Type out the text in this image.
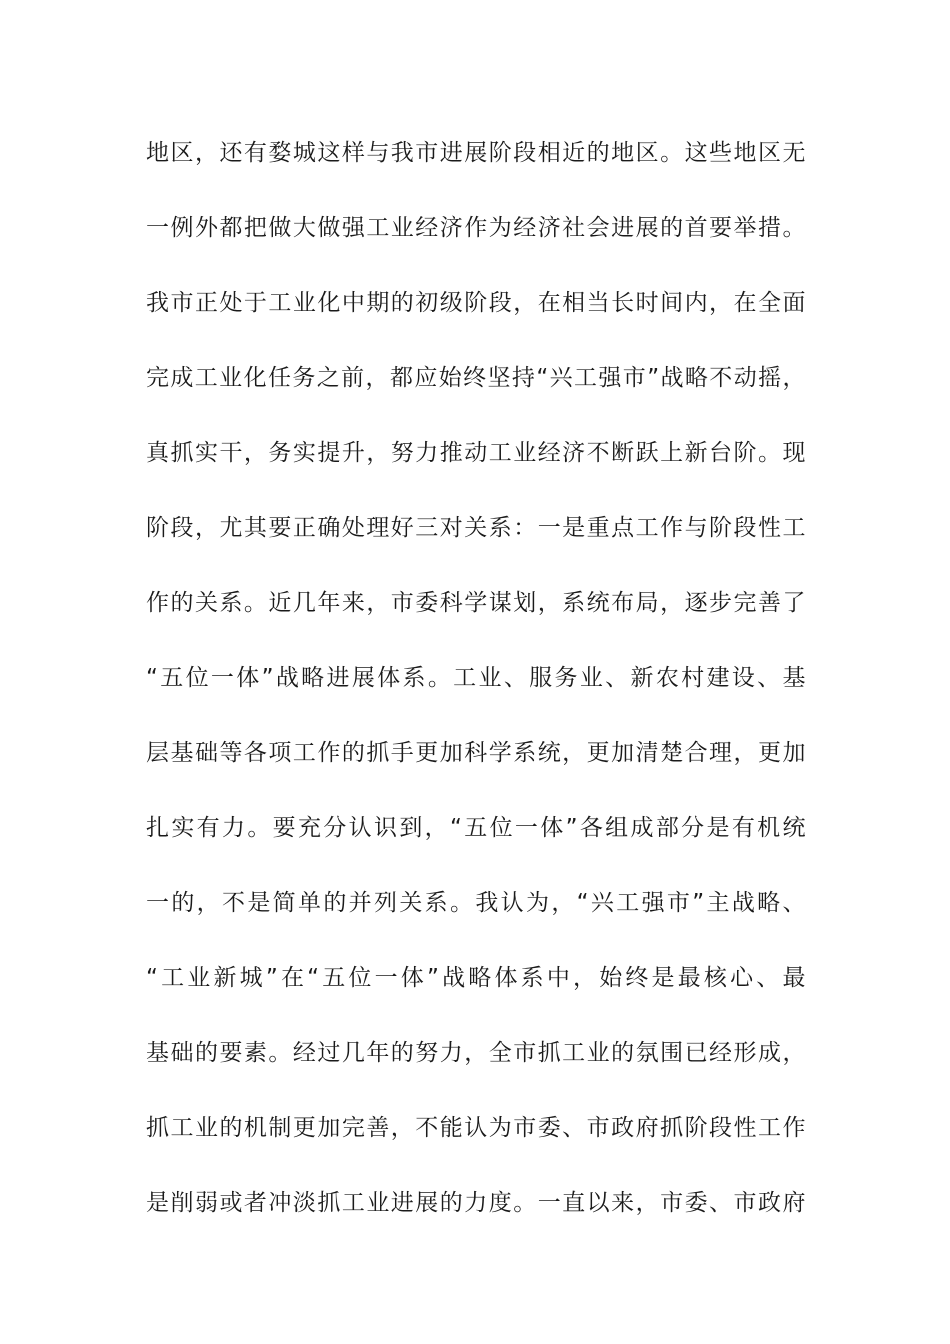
地区，还有婺城这样与我市进展阶段相近的地区。这些地区无
一例外都把做大做强工业经济作为经济社会进展的首要举措。
我市正处于工业化中期的初级阶段，在相当长时间内，在全面
完成工业化任务之前，都应始终坚持“兴工强市”战略不动摇，
真抓实干，务实提升，努力推动工业经济不断跃上新台阶。现
阶段，尤其要正确处理好三对关系：一是重点工作与阶段性工
作的关系。近几年来，市委科学谋划，系统布局，逐步完善了
“五位一体”战略进展体系。工业、服务业、新农村建设、基
层基础等各项工作的抓手更加科学系统，更加清楚合理，更加
扎实有力。要充分认识到，“五位一体”各组成部分是有机统
一的，不是简单的并列关系。我认为，“兴工强市”主战略、
“工业新城”在“五位一体”战略体系中，始终是最核心、最
基础的要素。经过几年的努力，全市抓工业的氛围已经形成，
抓工业的机制更加完善，不能认为市委、市政府抓阶段性工作
是削弱或者冲淡抓工业进展的力度。一直以来，市委、市政府
